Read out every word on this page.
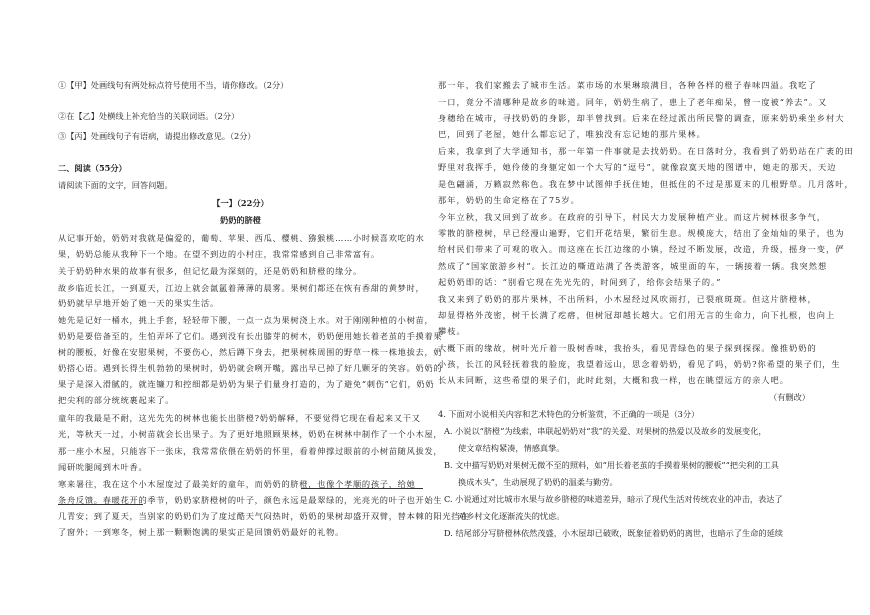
①【甲】处画线句有两处标点符号使用不当，请你修改。（2分）
②在【乙】处横线上补充恰当的关联词语。（2分）
③【丙】处画线句子有语病，请提出修改意见。（2分）
二、阅读（55分）
请阅读下面的文字，回答问题。
【一】（22分）
奶奶的脐橙
从记事开始，奶奶对我就是偏爱的，葡萄、苹果、西瓜、樱桃、猕猴桃……小时候喜欢吃的水
果，奶奶总能从我种下一个地。在望不到边的小村庄，我常常感到自己非常富有。
关于奶奶种水果的故事有很多，但记忆最为深刻的，还是奶奶和脐橙的缘分。
故乡临近长江，一到夏天，江边上就会氤氲着薄薄的晨雾。果树们都还在恢有香甜的黄梦时，
奶奶就早早地开始了她一天的果实生活。
她先是记好一桶水，挑上手套，轻轻带下腰，一点一点为果树浇上水。对于刚刚种植的小树苗，
奶奶是要倍备至的，生怕弄坏了它们。遇到没有长出膝芽的树木，奶奶便用她长着老茧的手摸着果
树的腰板，好像在安慰果树，不要伤心，然后蹲下身去，把果树株周围的野草一株一株地拔去，奶
奶搭心语。遇到长得生机勃勃的果树时，奶奶就会咧开嘴，露出早已掉了好几颗牙的笑容。奶奶的
果子是深入滑腻的，就连镰刀和控细都是奶奶为果子们量身打造的，为了避免“刺伤”它们，奶奶
把尖利的部分统统裹起来了。
童年的我最是不耐，这光先先的树林也能长出脐橙?奶奶解释，不要觉得它现在看起来又干又
光，等秋天一过，小树苗就会长出果子。为了更好地照顾果林，奶奶在树林中制作了一个小木屋，
那一座小木屋，只能容下一张床，我常常依偎在奶奶的怀里，看着伸撑过眼前的小树苗随风拔发，
闻研吮腿闻到木叶香。
寒来暑往，我在这个小木屋度过了最美好的童年，而奶奶的脐橙，也像个孝顺的孩子，给她
条舟反馈。春暖花开的季节，奶奶家脐橙树的叶子，颜色永远是最翠绿的，光亮光的叶子也开始生
几青安；到了夏天，当别家的奶奶们为了度过酷天气闷热时，奶奶的果树却盛开双臂，替本棘的阳光挡在
了窗外；一到寒冬，树上那一颗颗饱满的果实正是回馈奶奶最好的礼物。
那一年，我们家搬去了城市生活。菜市场的水果琳琅满目，各种各样的橙子春味四溢。我吃了
一口，竟分不清哪种是故乡的味道。同年，奶奶生病了，患上了老年痴呆，曾一度被“养去”。又
身穗给在城市，寻找奶奶的身影，却半曾找到。后来在经过派出所民警的调查，原来奶奶乘坐乡村大
巴，回到了老屋，她什么都忘记了，唯独没有忘记她的那片果林。
后来，我拿到了大学通知书，那一年第一件事就是去找奶奶。在日落时分，我看到了奶奶站在广袤的田
野里对我挥手，她伶偻的身躯定如一个大写的“逗号”，就像寂寞天地的图谱中，她走的那天，天边
是色翩涌，万籁寂然称色。我在梦中试图伸手抚住她，但抵住的不过是那夏末的几根野草。几月落叶，
那年，奶奶的生命定格在了75岁。
今年立秋，我又回到了故乡。在政府的引导下，村民大力发展种植产业。而这片树林很多争气，
零散的脐橙树，早已经漫山遍野，它们开花结果，繁衍生息。规模庞大，结出了金灿灿的果子，也为
给村民们带来了可观的收入。而这座在长江边缘的小镇，经过不断发展，改造，升级，摇身一变，俨
然成了“国家旅游乡村”。长江边的嘶道站满了各类游客，城里面的车，一辆接着一辆。我突然想
起奶奶即的话：“别看它现在先光先的，时间到了，给你会结果子的。”
我又来到了奶奶的那片果林，不出所料，小木屋经过风吹雨打，已裂痕斑斑。但这片脐橙林，
却显得格外茂密，树干长满了疙瘩，但树冠却越长越大。它们用无言的生命力，向下扎根，也向上
攀枝。
大概下雨的缘故，树叶光斤着一股树香味，我抬头，看见青绿色的果子探到探探。像推奶奶的
小孩，长江的风轻抚着我的脸庞，我望着远山，思念着奶奶，看见了吗，奶奶?你希望的果子们，生
长从未同断，这些希望的果子们，此时此刻，大概和我一样，也在眺望远方的亲人吧。
（有删改）
4. 下面对小说相关内容和艺术特色的分析鉴赏，不正确的一项是（3分）
A. 小说以“脐橙”为线索，串联起奶奶对“我”的关爱、对果树的热爱以及故乡的发展变化，
使文章结构紧凑，情感真挚。
B. 文中描写奶奶对果树无微不至的照料，如“用长着老茧的手摸着果树的腰板”“把尖利的工具
换成木头”，生动展现了奶奶的温柔与勤劳。
C. 小说通过对比城市水果与故乡脐橙的味道差异，暗示了现代生活对传统农业的冲击，表达了
对乡村文化逐渐流失的忧虑。
D. 结尾部分写脐橙林依然茂盛，小木屋却已破败，既象征着奶奶的离世，也暗示了生命的延续
